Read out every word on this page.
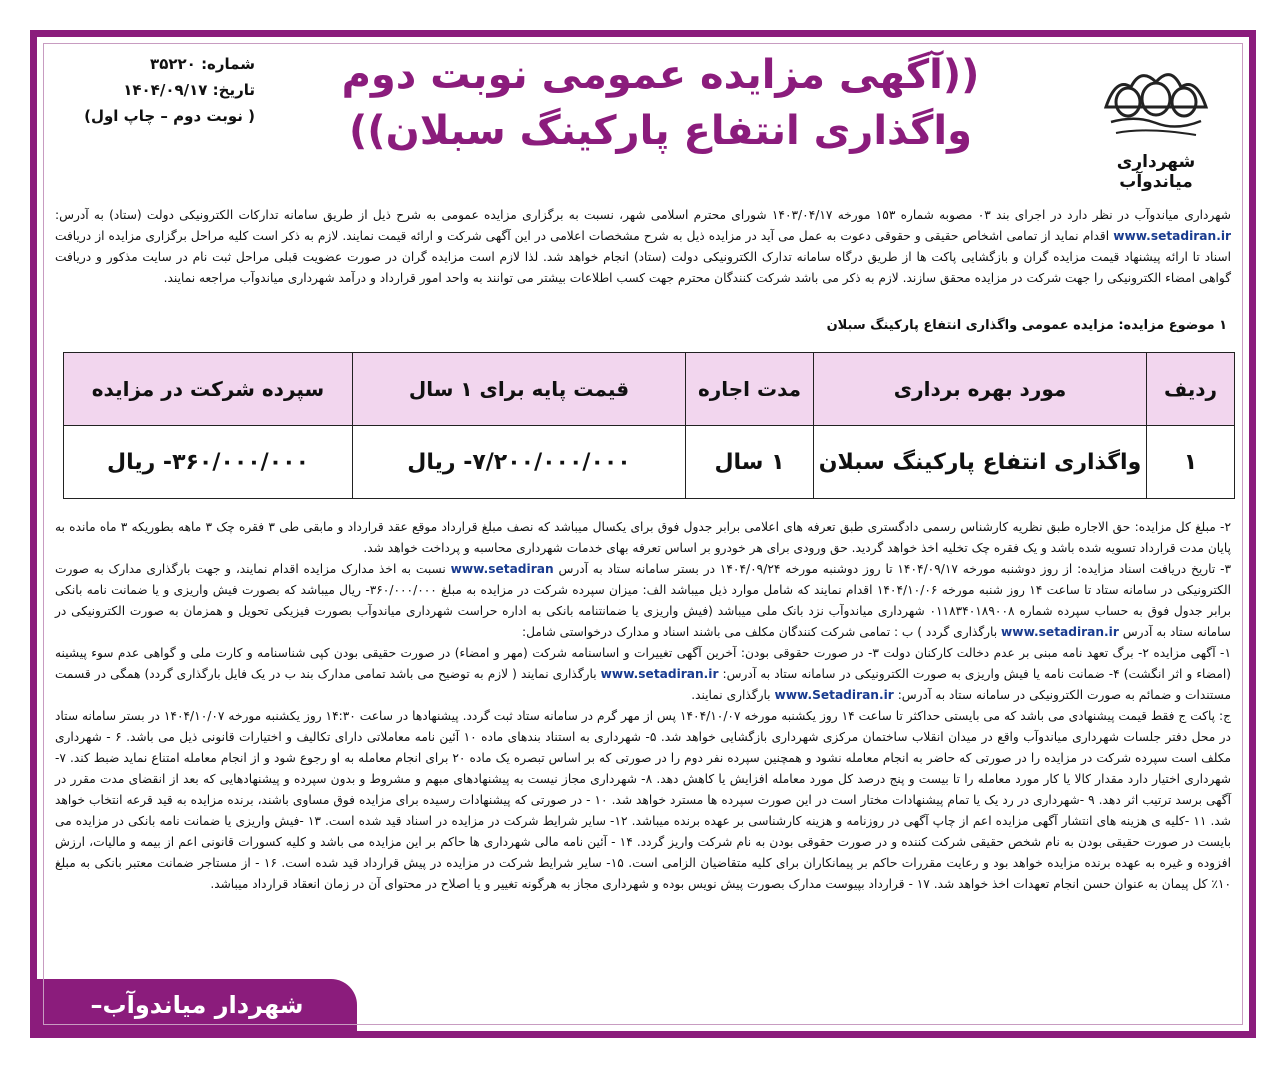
شهرداری میاندوآب
((آگهی مزایده عمومی نوبت دوم واگذاری انتفاع پارکینگ سبلان))
شماره: ۳۵۲۲۰
تاریخ: ۱۴۰۴/۰۹/۱۷
( نوبت دوم – چاپ اول)
شهرداری میاندوآب در نظر دارد در اجرای بند ۰۳ مصوبه شماره ۱۵۳ مورخه ۱۴۰۳/۰۴/۱۷ شورای محترم اسلامی شهر، نسبت به برگزاری مزایده عمومی به شرح ذیل از طریق سامانه تدارکات الکترونیکی دولت (ستاد) به آدرس: www.setadiran.ir اقدام نماید از تمامی اشخاص حقیقی و حقوقی دعوت به عمل می آید در مزایده ذیل به شرح مشخصات اعلامی در این آگهی شرکت و ارائه قیمت نمایند. لازم به ذکر است کلیه مراحل برگزاری مزایده از دریافت اسناد تا ارائه پیشنهاد قیمت مزایده گران و بازگشایی پاکت ها از طریق درگاه سامانه تدارک الکترونیکی دولت (ستاد) انجام خواهد شد. لذا لازم است مزایده گران در صورت عضویت قبلی مراحل ثبت نام در سایت مذکور و دریافت گواهی امضاء الکترونیکی را جهت شرکت در مزایده محقق سازند. لازم به ذکر می باشد شرکت کنندگان محترم جهت کسب اطلاعات بیشتر می توانند به واحد امور قرارداد و درآمد شهرداری میاندوآب مراجعه نمایند.
۱ موضوع مزایده: مزایده عمومی واگذاری انتفاع پارکینگ سبلان
ردیف	مورد بهره برداری	مدت اجاره	قیمت پایه برای ۱ سال	سپرده شرکت در مزایده
۱	واگذاری انتفاع پارکینگ سبلان	۱ سال	۷/۲۰۰/۰۰۰/۰۰۰- ریال	۳۶۰/۰۰۰/۰۰۰- ریال

۲- مبلغ کل مزایده: حق الاجاره طبق نظریه کارشناس رسمی دادگستری طبق تعرفه های اعلامی برابر جدول فوق برای یکسال میباشد که نصف مبلغ قرارداد موقع عقد قرارداد و مابقی طی ۳ فقره چک ۳ ماهه بطوریکه ۳ ماه مانده به پایان مدت قرارداد تسویه شده باشد و یک فقره چک تخلیه اخذ خواهد گردید. حق ورودی برای هر خودرو بر اساس تعرفه بهای خدمات شهرداری محاسبه و پرداخت خواهد شد.

۳- تاریخ دریافت اسناد مزایده: از روز دوشنبه مورخه ۱۴۰۴/۰۹/۱۷ تا روز دوشنبه مورخه ۱۴۰۴/۰۹/۲۴ در بستر سامانه ستاد به آدرس www.setadiran نسبت به اخذ مدارک مزایده اقدام نمایند، و جهت بارگذاری مدارک به صورت الکترونیکی در سامانه ستاد تا ساعت ۱۴ روز شنبه مورخه ۱۴۰۴/۱۰/۰۶ اقدام نمایند که شامل موارد ذیل میباشد الف: میزان سپرده شرکت در مزایده به مبلغ ۳۶۰/۰۰۰/۰۰۰- ریال میباشد که بصورت فیش واریزی و یا ضمانت نامه بانکی برابر جدول فوق به حساب سپرده شماره ۰۱۱۸۳۴۰۱۸۹۰۰۸ شهرداری میاندوآب نزد بانک ملی میباشد (فیش واریزی یا ضمانتنامه بانکی به اداره حراست شهرداری میاندوآب بصورت فیزیکی تحویل و همزمان به صورت الکترونیکی در سامانه ستاد به آدرس www.setadiran.ir بارگذاری گردد ) ب : تمامی شرکت کنندگان مکلف می باشند اسناد و مدارک درخواستی شامل:

۱- آگهی مزایده ۲- برگ تعهد نامه مبنی بر عدم دخالت کارکنان دولت ۳- در صورت حقوقی بودن: آخرین آگهی تغییرات و اساسنامه شرکت (مهر و امضاء) در صورت حقیقی بودن کپی شناسنامه و کارت ملی و گواهی عدم سوء پیشینه (امضاء و اثر انگشت) ۴- ضمانت نامه یا فیش واریزی به صورت الکترونیکی در سامانه ستاد به آدرس: www.setadiran.ir بارگذاری نمایند ( لازم به توضیح می باشد تمامی مدارک بند ب در یک فایل بارگذاری گردد) همگی در قسمت مستندات و ضمائم به صورت الکترونیکی در سامانه ستاد به آدرس: www.Setadiran.ir بارگذاری نمایند.

ج: پاکت ج فقط قیمت پیشنهادی می باشد که می بایستی حداکثر تا ساعت ۱۴ روز یکشنبه مورخه ۱۴۰۴/۱۰/۰۷ پس از مهر گرم در سامانه ستاد ثبت گردد. پیشنهادها در ساعت ۱۴:۳۰ روز یکشنبه مورخه ۱۴۰۴/۱۰/۰۷ در بستر سامانه ستاد در محل دفتر جلسات شهرداری میاندوآب واقع در میدان انقلاب ساختمان مرکزی شهرداری بازگشایی خواهد شد. ۵- شهرداری به استناد بندهای ماده ۱۰ آئین نامه معاملاتی دارای تکالیف و اختیارات قانونی ذیل می باشد. ۶ - شهرداری مکلف است سپرده شرکت در مزایده را در صورتی که حاضر به انجام معامله نشود و همچنین سپرده نفر دوم را در صورتی که بر اساس تبصره یک ماده ۲۰ برای انجام معامله به او رجوع شود و از انجام معامله امتناع نماید ضبط کند. ۷- شهرداری اختیار دارد مقدار کالا یا کار مورد معامله را تا بیست و پنج درصد کل مورد معامله افزایش یا کاهش دهد. ۸- شهرداری مجاز نیست به پیشنهادهای مبهم و مشروط و بدون سپرده و پیشنهادهایی که بعد از انقضای مدت مقرر در آگهی برسد ترتیب اثر دهد. ۹ -شهرداری در رد یک یا تمام پیشنهادات مختار است در این صورت سپرده ها مسترد خواهد شد. ۱۰ - در صورتی که پیشنهادات رسیده برای مزایده فوق مساوی باشند، برنده مزایده به قید قرعه انتخاب خواهد شد. ۱۱ -کلیه ی هزینه های انتشار آگهی مزایده اعم از چاپ آگهی در روزنامه و هزینه کارشناسی بر عهده برنده میباشد. ۱۲- سایر شرایط شرکت در مزایده در اسناد قید شده است. ۱۳ -فیش واریزی یا ضمانت نامه بانکی در مزایده می بایست در صورت حقیقی بودن به نام شخص حقیقی شرکت کننده و در صورت حقوقی بودن به نام شرکت واریز گردد. ۱۴ - آئین نامه مالی شهرداری ها حاکم بر این مزایده می باشد و کلیه کسورات قانونی اعم از بیمه و مالیات، ارزش افزوده و غیره به عهده برنده مزایده خواهد بود و رعایت مقررات حاکم بر پیمانکاران برای کلیه متقاضیان الزامی است. ۱۵- سایر شرایط شرکت در مزایده در پیش قرارداد قید شده است. ۱۶ - از مستاجر ضمانت معتبر بانکی به مبلغ ۱۰٪ کل پیمان به عنوان حسن انجام تعهدات اخذ خواهد شد. ۱۷ - قرارداد بپیوست مدارک بصورت پیش نویس بوده و شهرداری مجاز به هرگونه تغییر و یا اصلاح در محتوای آن در زمان انعقاد قرارداد میباشد.

شهردار میاندوآب– محمدزاده
